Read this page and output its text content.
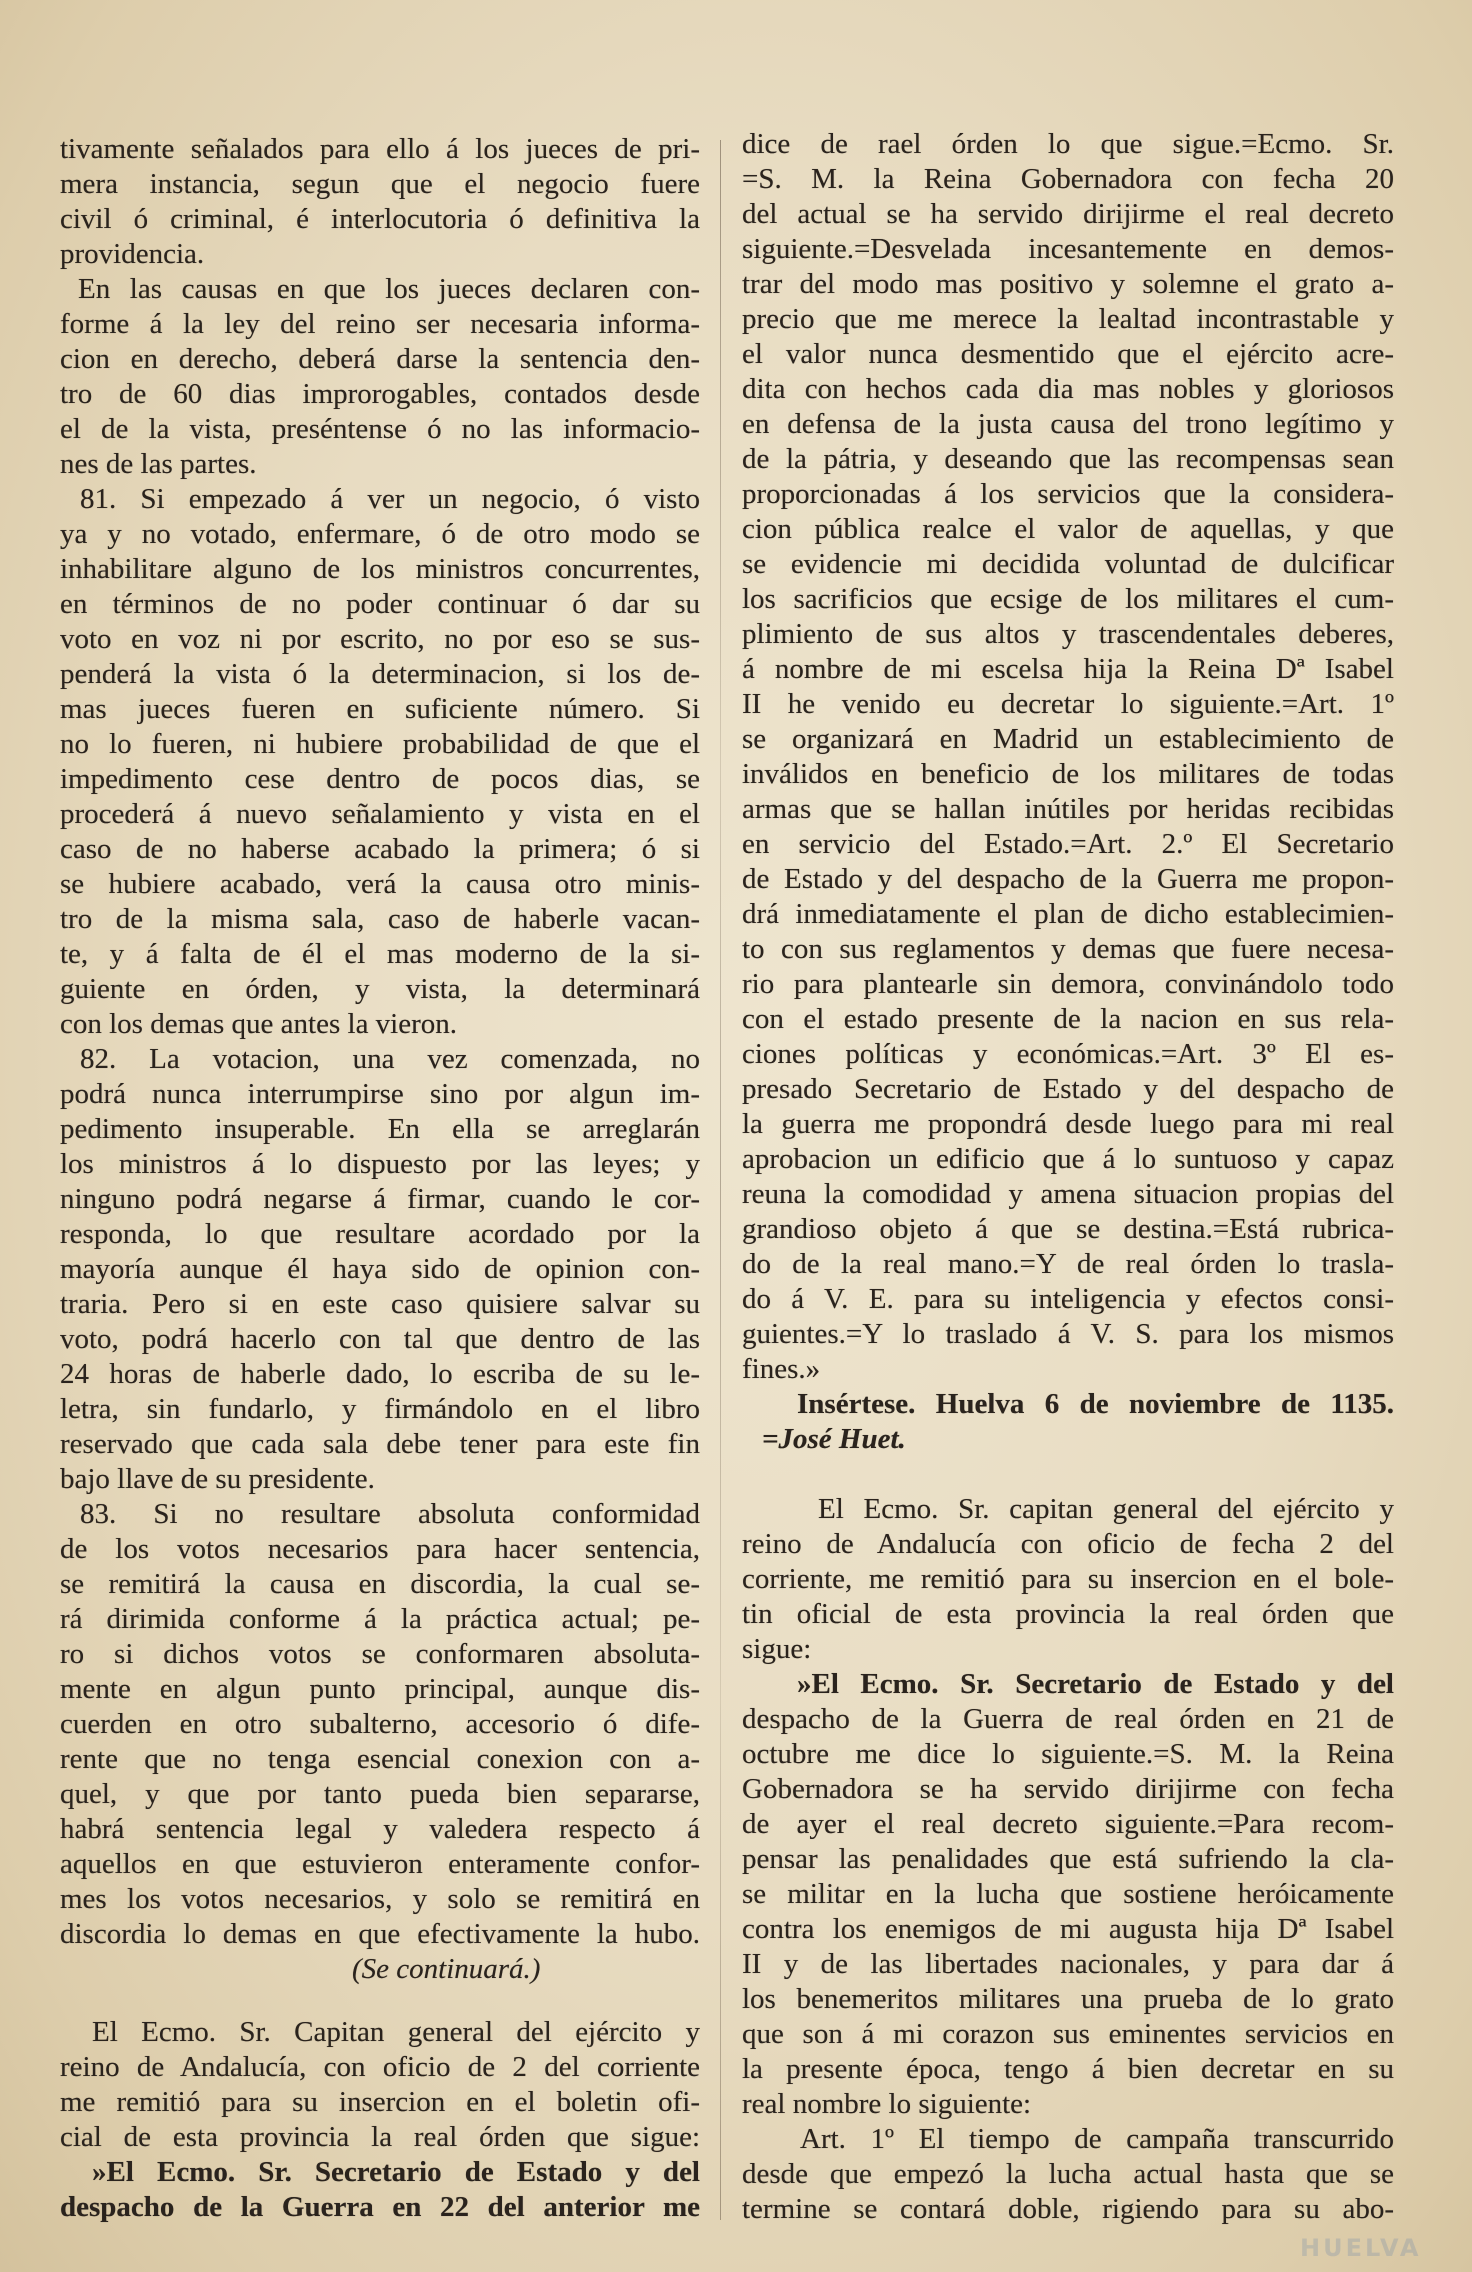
tivamente señalados para ello á los jueces de pri-
mera instancia, segun que el negocio fuere
civil ó criminal, é interlocutoria ó definitiva la
providencia.
En las causas en que los jueces declaren con-
forme á la ley del reino ser necesaria informa-
cion en derecho, deberá darse la sentencia den-
tro de 60 dias improrogables, contados desde
el de la vista, preséntense ó no las informacio-
nes de las partes.
81. Si empezado á ver un negocio, ó visto
ya y no votado, enfermare, ó de otro modo se
inhabilitare alguno de los ministros concurrentes,
en términos de no poder continuar ó dar su
voto en voz ni por escrito, no por eso se sus-
penderá la vista ó la determinacion, si los de-
mas jueces fueren en suficiente número. Si
no lo fueren, ni hubiere probabilidad de que el
impedimento cese dentro de pocos dias, se
procederá á nuevo señalamiento y vista en el
caso de no haberse acabado la primera; ó si
se hubiere acabado, verá la causa otro minis-
tro de la misma sala, caso de haberle vacan-
te, y á falta de él el mas moderno de la si-
guiente en órden, y vista, la determinará
con los demas que antes la vieron.
82. La votacion, una vez comenzada, no
podrá nunca interrumpirse sino por algun im-
pedimento insuperable. En ella se arreglarán
los ministros á lo dispuesto por las leyes; y
ninguno podrá negarse á firmar, cuando le cor-
responda, lo que resultare acordado por la
mayoría aunque él haya sido de opinion con-
traria. Pero si en este caso quisiere salvar su
voto, podrá hacerlo con tal que dentro de las
24 horas de haberle dado, lo escriba de su le-
letra, sin fundarlo, y firmándolo en el libro
reservado que cada sala debe tener para este fin
bajo llave de su presidente.
83. Si no resultare absoluta conformidad
de los votos necesarios para hacer sentencia,
se remitirá la causa en discordia, la cual se-
rá dirimida conforme á la práctica actual; pe-
ro si dichos votos se conformaren absoluta-
mente en algun punto principal, aunque dis-
cuerden en otro subalterno, accesorio ó dife-
rente que no tenga esencial conexion con a-
quel, y que por tanto pueda bien separarse,
habrá sentencia legal y valedera respecto á
aquellos en que estuvieron enteramente confor-
mes los votos necesarios, y solo se remitirá en
discordia lo demas en que efectivamente la hubo.
(Se continuará.)
El Ecmo. Sr. Capitan general del ejército y
reino de Andalucía, con oficio de 2 del corriente
me remitió para su insercion en el boletin ofi-
cial de esta provincia la real órden que sigue:
»El Ecmo. Sr. Secretario de Estado y del
despacho de la Guerra en 22 del anterior me
dice de rael órden lo que sigue.=Ecmo. Sr.
=S. M. la Reina Gobernadora con fecha 20
del actual se ha servido dirijirme el real decreto
siguiente.=Desvelada incesantemente en demos-
trar del modo mas positivo y solemne el grato a-
precio que me merece la lealtad incontrastable y
el valor nunca desmentido que el ejército acre-
dita con hechos cada dia mas nobles y gloriosos
en defensa de la justa causa del trono legítimo y
de la pátria, y deseando que las recompensas sean
proporcionadas á los servicios que la considera-
cion pública realce el valor de aquellas, y que
se evidencie mi decidida voluntad de dulcificar
los sacrificios que ecsige de los militares el cum-
plimiento de sus altos y trascendentales deberes,
á nombre de mi escelsa hija la Reina Dª Isabel
II he venido eu decretar lo siguiente.=Art. 1º
se organizará en Madrid un establecimiento de
inválidos en beneficio de los militares de todas
armas que se hallan inútiles por heridas recibidas
en servicio del Estado.=Art. 2.º El Secretario
de Estado y del despacho de la Guerra me propon-
drá inmediatamente el plan de dicho establecimien-
to con sus reglamentos y demas que fuere necesa-
rio para plantearle sin demora, convinándolo todo
con el estado presente de la nacion en sus rela-
ciones políticas y económicas.=Art. 3º El es-
presado Secretario de Estado y del despacho de
la guerra me propondrá desde luego para mi real
aprobacion un edificio que á lo suntuoso y capaz
reuna la comodidad y amena situacion propias del
grandioso objeto á que se destina.=Está rubrica-
do de la real mano.=Y de real órden lo trasla-
do á V. E. para su inteligencia y efectos consi-
guientes.=Y lo traslado á V. S. para los mismos
fines.»
Insértese. Huelva 6 de noviembre de 1135.
=José Huet.
El Ecmo. Sr. capitan general del ejército y
reino de Andalucía con oficio de fecha 2 del
corriente, me remitió para su insercion en el bole-
tin oficial de esta provincia la real órden que
sigue:
»El Ecmo. Sr. Secretario de Estado y del
despacho de la Guerra de real órden en 21 de
octubre me dice lo siguiente.=S. M. la Reina
Gobernadora se ha servido dirijirme con fecha
de ayer el real decreto siguiente.=Para recom-
pensar las penalidades que está sufriendo la cla-
se militar en la lucha que sostiene heróicamente
contra los enemigos de mi augusta hija Dª Isabel
II y de las libertades nacionales, y para dar á
los benemeritos militares una prueba de lo grato
que son á mi corazon sus eminentes servicios en
la presente época, tengo á bien decretar en su
real nombre lo siguiente:
Art. 1º El tiempo de campaña transcurrido
desde que empezó la lucha actual hasta que se
termine se contará doble, rigiendo para su abo-
HUELVA
